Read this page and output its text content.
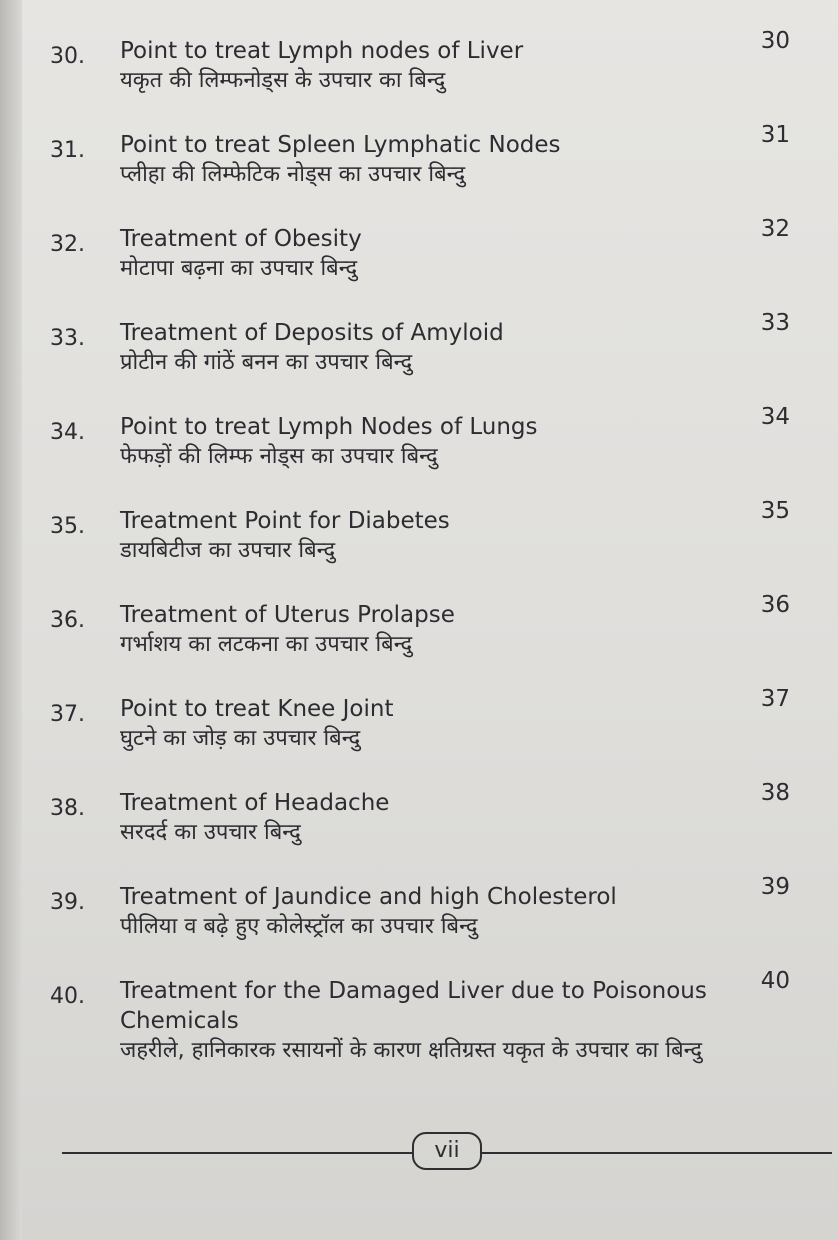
30. Point to treat Lymph nodes of Liver
यकृत की लिम्फनोड्स के उपचार का बिन्दु
30
31. Point to treat Spleen Lymphatic Nodes
प्लीहा की लिम्फेटिक नोड्स का उपचार बिन्दु
31
32. Treatment of Obesity
मोटापा बढ़ना का उपचार बिन्दु
32
33. Treatment of Deposits of Amyloid
प्रोटीन की गांठें बनन का उपचार बिन्दु
33
34. Point to treat Lymph Nodes of Lungs
फेफड़ों की लिम्फ नोड्स का उपचार बिन्दु
34
35. Treatment Point for Diabetes
डायबिटीज का उपचार बिन्दु
35
36. Treatment of Uterus Prolapse
गर्भाशय का लटकना का उपचार बिन्दु
36
37. Point to treat Knee Joint
घुटने का जोड़ का उपचार बिन्दु
37
38. Treatment of Headache
सरदर्द का उपचार बिन्दु
38
39. Treatment of Jaundice and high Cholesterol
पीलिया व बढ़े हुए कोलेस्ट्रॉल का उपचार बिन्दु
39
40. Treatment for the Damaged Liver due to Poisonous Chemicals
जहरीले, हानिकारक रसायनों के कारण क्षतिग्रस्त यकृत के उपचार का बिन्दु
40
vii
